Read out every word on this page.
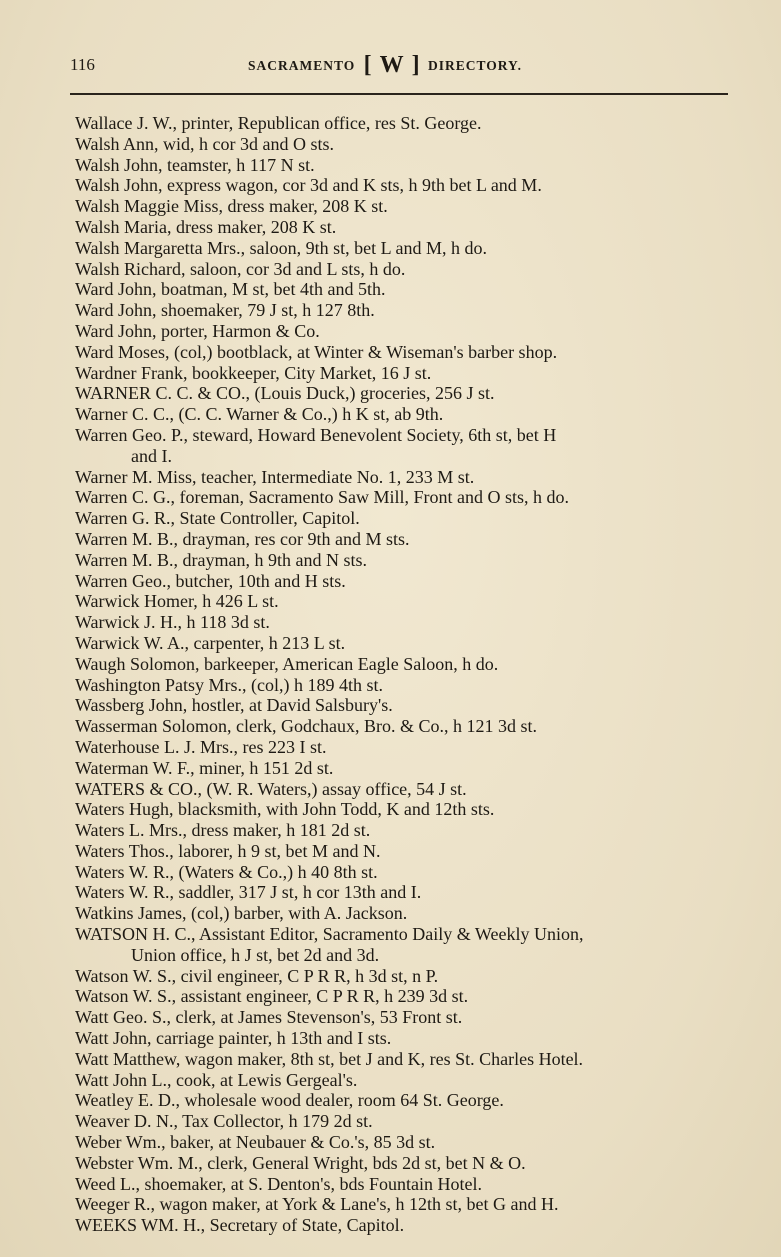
116	SACRAMENTO [ W ] DIRECTORY.
Wallace J. W., printer, Republican office, res St. George.
Walsh Ann, wid, h cor 3d and O sts.
Walsh John, teamster, h 117 N st.
Walsh John, express wagon, cor 3d and K sts, h 9th bet L and M.
Walsh Maggie Miss, dress maker, 208 K st.
Walsh Maria, dress maker, 208 K st.
Walsh Margaretta Mrs., saloon, 9th st, bet L and M, h do.
Walsh Richard, saloon, cor 3d and L sts, h do.
Ward John, boatman, M st, bet 4th and 5th.
Ward John, shoemaker, 79 J st, h 127 8th.
Ward John, porter, Harmon & Co.
Ward Moses, (col,) bootblack, at Winter & Wiseman's barber shop.
Wardner Frank, bookkeeper, City Market, 16 J st.
WARNER C. C. & CO., (Louis Duck,) groceries, 256 J st.
Warner C. C., (C. C. Warner & Co.,) h K st, ab 9th.
Warren Geo. P., steward, Howard Benevolent Society, 6th st, bet H
and I.
Warner M. Miss, teacher, Intermediate No. 1, 233 M st.
Warren C. G., foreman, Sacramento Saw Mill, Front and O sts, h do.
Warren G. R., State Controller, Capitol.
Warren M. B., drayman, res cor 9th and M sts.
Warren M. B., drayman, h 9th and N sts.
Warren Geo., butcher, 10th and H sts.
Warwick Homer, h 426 L st.
Warwick J. H., h 118 3d st.
Warwick W. A., carpenter, h 213 L st.
Waugh Solomon, barkeeper, American Eagle Saloon, h do.
Washington Patsy Mrs., (col,) h 189 4th st.
Wassberg John, hostler, at David Salsbury's.
Wasserman Solomon, clerk, Godchaux, Bro. & Co., h 121 3d st.
Waterhouse L. J. Mrs., res 223 I st.
Waterman W. F., miner, h 151 2d st.
WATERS & CO., (W. R. Waters,) assay office, 54 J st.
Waters Hugh, blacksmith, with John Todd, K and 12th sts.
Waters L. Mrs., dress maker, h 181 2d st.
Waters Thos., laborer, h 9 st, bet M and N.
Waters W. R., (Waters & Co.,) h 40 8th st.
Waters W. R., saddler, 317 J st, h cor 13th and I.
Watkins James, (col,) barber, with A. Jackson.
WATSON H. C., Assistant Editor, Sacramento Daily & Weekly Union,
Union office, h J st, bet 2d and 3d.
Watson W. S., civil engineer, C P R R, h 3d st, n P.
Watson W. S., assistant engineer, C P R R, h 239 3d st.
Watt Geo. S., clerk, at James Stevenson's, 53 Front st.
Watt John, carriage painter, h 13th and I sts.
Watt Matthew, wagon maker, 8th st, bet J and K, res St. Charles Hotel.
Watt John L., cook, at Lewis Gergeal's.
Weatley E. D., wholesale wood dealer, room 64 St. George.
Weaver D. N., Tax Collector, h 179 2d st.
Weber Wm., baker, at Neubauer & Co.'s, 85 3d st.
Webster Wm. M., clerk, General Wright, bds 2d st, bet N & O.
Weed L., shoemaker, at S. Denton's, bds Fountain Hotel.
Weeger R., wagon maker, at York & Lane's, h 12th st, bet G and H.
WEEKS WM. H., Secretary of State, Capitol.
